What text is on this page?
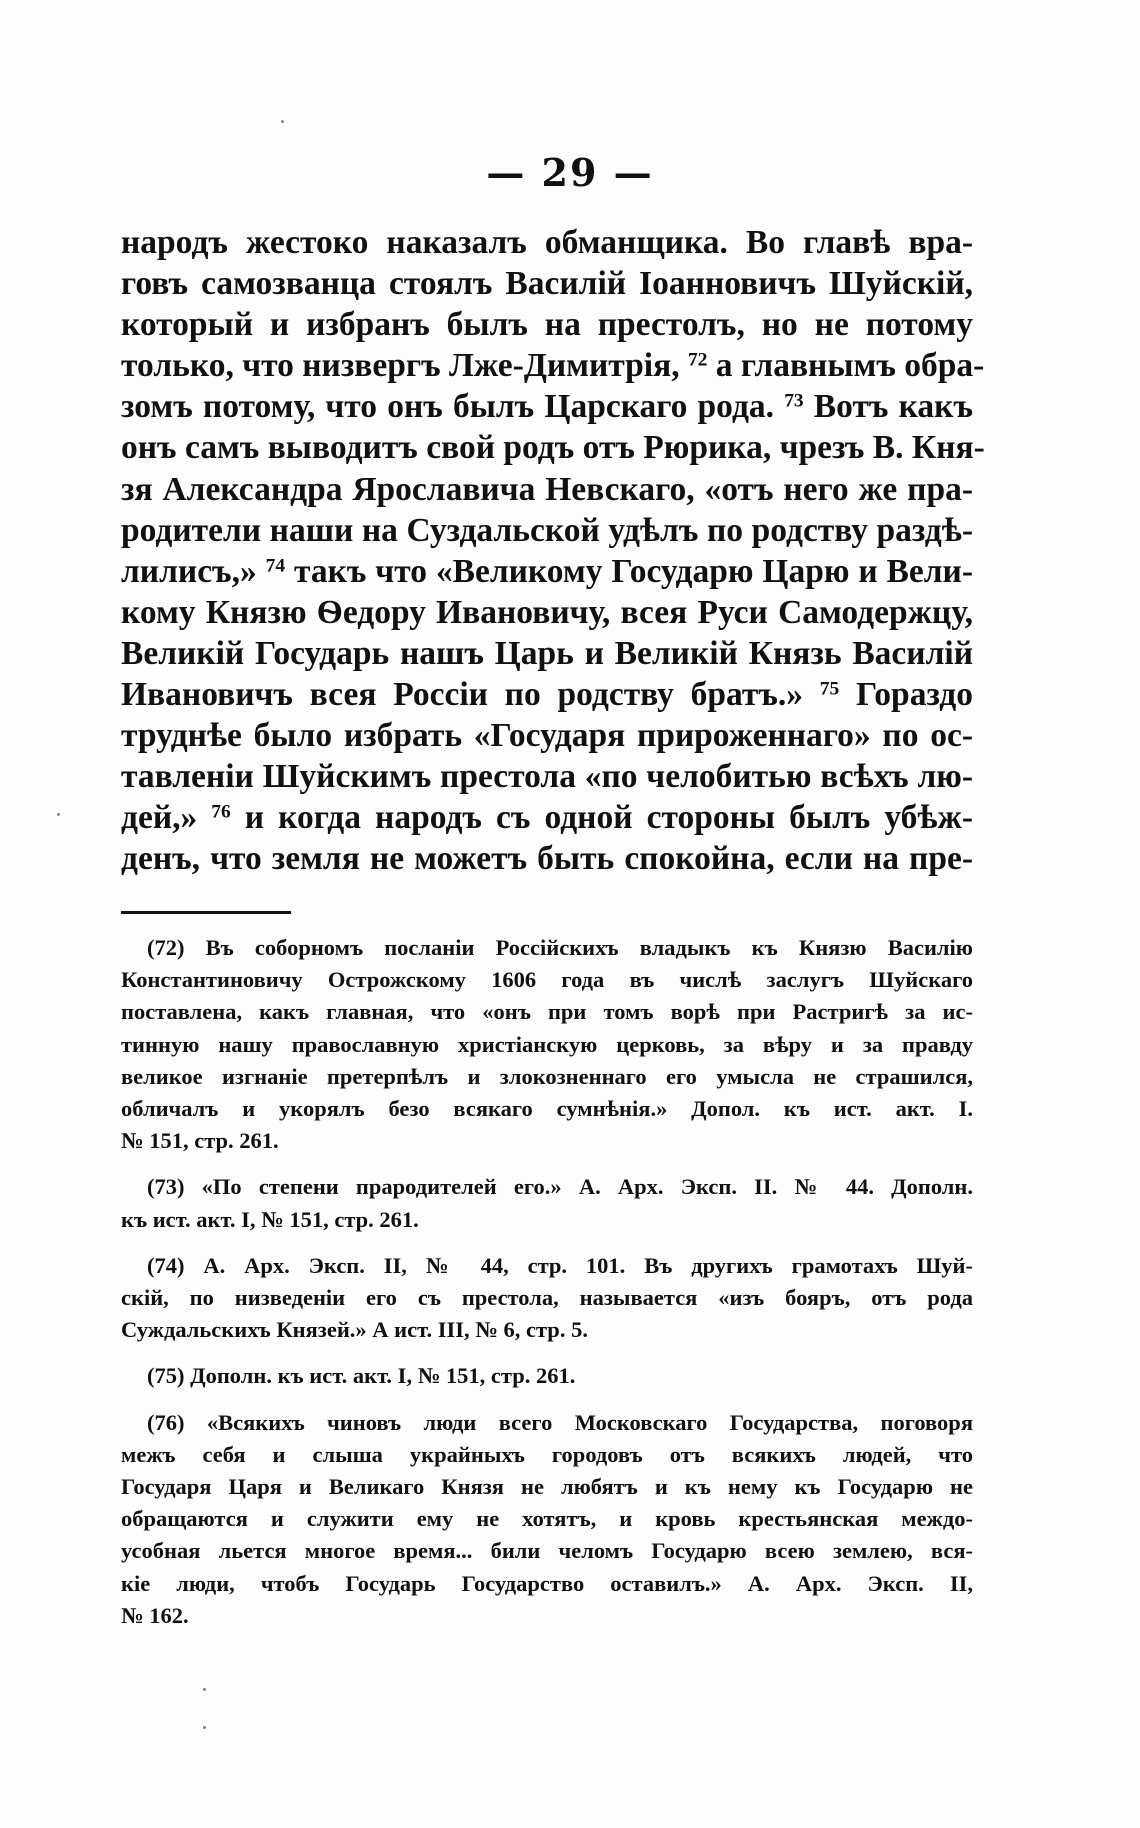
— 29 —
народъ жестоко наказалъ обманщика. Во главѣ вра-
говъ самозванца стоялъ Василій Іоанновичъ Шуйскій,
который и избранъ былъ на престолъ, но не потому
только, что низвергъ Лже-Димитрія, $^{72}$ а главнымъ обра-
зомъ потому, что онъ былъ Царскаго рода. $^{73}$ Вотъ какъ
онъ самъ выводитъ свой родъ отъ Рюрика, чрезъ В. Кня-
зя Александра Ярославича Невскаго, «отъ него же пра-
родители наши на Суздальской удѣлъ по родству раздѣ-
лилисъ,» $^{74}$ такъ что «Великому Государю Царю и Вели-
кому Князю Ѳедору Ивановичу, всея Руси Самодержцу,
Великій Государь нашъ Царь и Великій Князь Василій
Ивановичъ всея Россіи по родству братъ.» $^{75}$ Гораздо
труднѣе было избрать «Государя прироженнаго» по ос-
тавленіи Шуйскимъ престола «по челобитью всѣхъ лю-
дей,» $^{76}$ и когда народъ съ одной стороны былъ убѣж-
денъ, что земля не можетъ быть спокойна, если на пре-
(72) Въ соборномъ посланіи Россійскихъ владыкъ къ Князю Василію
Константиновичу Острожскому 1606 года въ числѣ заслугъ Шуйскаго
поставлена, какъ главная, что «онъ при томъ ворѣ при Растригѣ за ис-
тинную нашу православную христіанскую церковь, за вѣру и за правду
великое изгнаніе претерпѣлъ и злокозненнаго его умысла не страшился,
обличалъ и укорялъ безо всякаго сумнѣнія.» Допол. къ ист. акт. I.
№ 151, стр. 261.
(73) «По степени прародителей его.» А. Арх. Эксп. II. № 44. Дополн.
къ ист. акт. I, № 151, стр. 261.
(74) А. Арх. Эксп. II, № 44, стр. 101. Въ другихъ грамотахъ Шуй-
скій, по низведеніи его съ престола, называется «изъ бояръ, отъ рода
Суждальскихъ Князей.» А ист. III, № 6, стр. 5.
(75) Дополн. къ ист. акт. I, № 151, стр. 261.
(76) «Всякихъ чиновъ люди всего Московскаго Государства, поговоря
межъ себя и слыша украйныхъ городовъ отъ всякихъ людей, что
Государя Царя и Великаго Князя не любятъ и къ нему къ Государю не
обращаются и служити ему не хотятъ, и кровь крестьянская междо-
усобная льется многое время... били челомъ Государю всею землею, вся-
кіе люди, чтобъ Государь Государство оставилъ.» А. Арх. Эксп. II,
№ 162.
